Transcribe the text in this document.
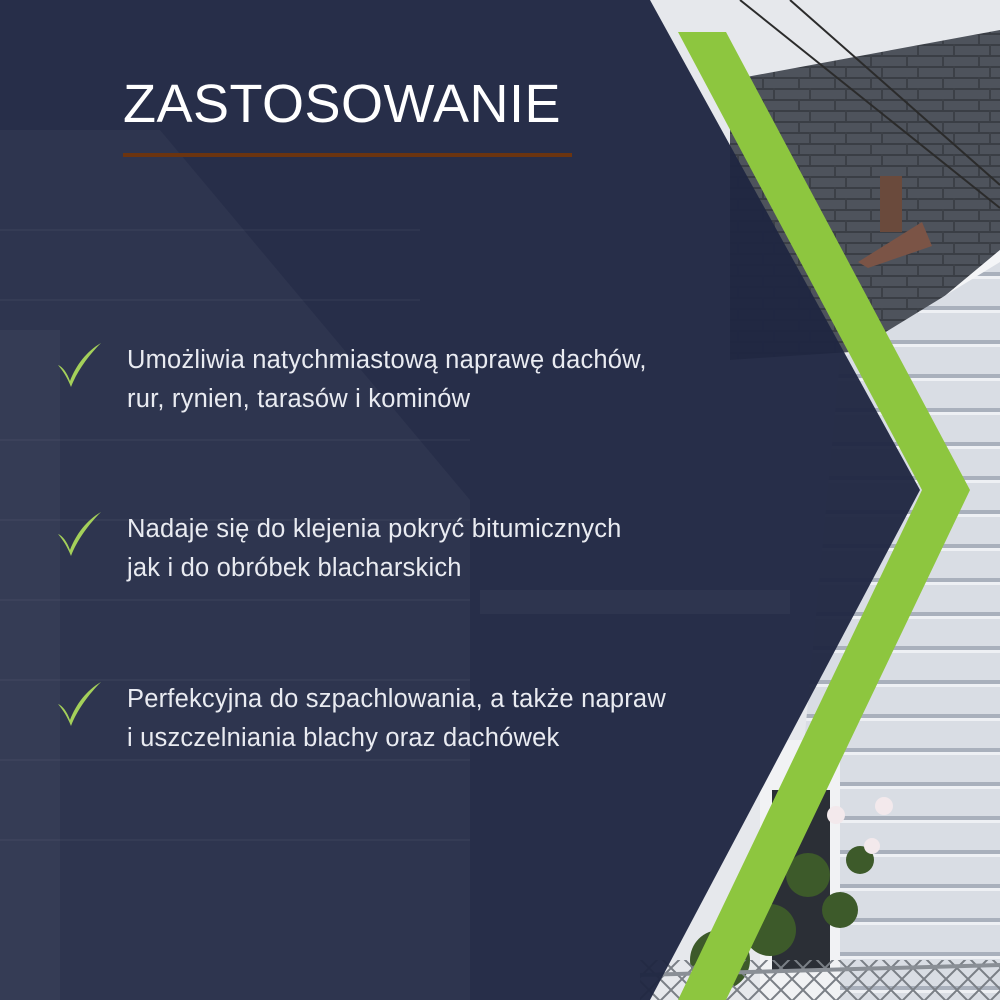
ZASTOSOWANIE

Umożliwia natychmiastową naprawę dachów,
rur, rynien, tarasów i kominów

Nadaje się do klejenia pokryć bitumicznych
jak i do obróbek blacharskich

Perfekcyjna do szpachlowania, a także napraw
i uszczelniania blachy oraz dachówek
